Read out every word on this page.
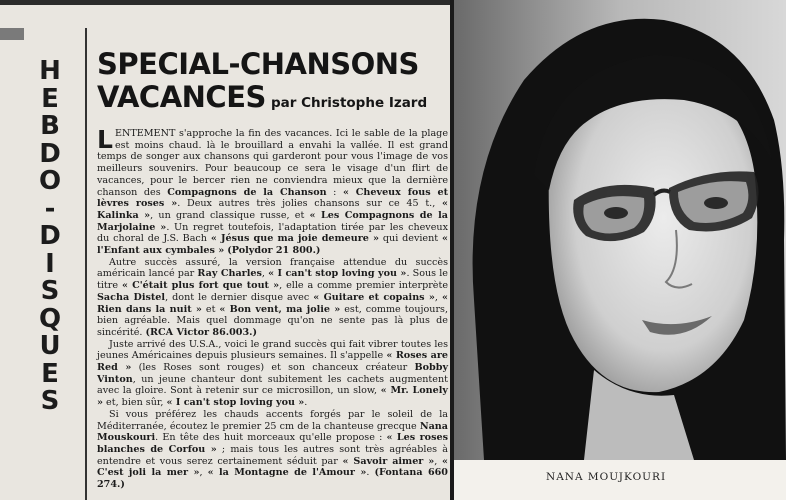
H
E
B
D
O
-
D
I
S
Q
U
E
S
SPECIAL-CHANSONS
VACANCES par Christophe Izard

LENTEMENT s'approche la fin des vacances. Ici le sable de la plage est moins chaud. là le brouillard a envahi la vallée. Il est grand temps de songer aux chansons qui garderont pour vous l'image de vos meilleurs souvenirs. Pour beaucoup ce sera le visage d'un flirt de vacances, pour le bercer rien ne conviendra mieux que la dernière chanson des Compagnons de la Chanson : « Cheveux fous et lèvres roses ». Deux autres très jolies chansons sur ce 45 t., « Kalinka », un grand classique russe, et « Les Compagnons de la Marjolaine ». Un regret toutefois, l'adaptation tirée par les cheveux du choral de J.S. Bach « Jésus que ma joie demeure » qui devient « l'Enfant aux cymbales » (Polydor 21 800.)

Autre succès assuré, la version française attendue du succès américain lancé par Ray Charles, « I can't stop loving you ». Sous le titre « C'était plus fort que tout », elle a comme premier interprète Sacha Distel, dont le dernier disque avec « Guitare et copains », « Rien dans la nuit » et « Bon vent, ma jolie » est, comme toujours, bien agréable. Mais quel dommage qu'on ne sente pas là plus de sincérité. (RCA Victor 86.003.)

Juste arrivé des U.S.A., voici le grand succès qui fait vibrer toutes les jeunes Américaines depuis plusieurs semaines. Il s'appelle « Roses are Red » (les Roses sont rouges) et son chanceux créateur Bobby Vinton, un jeune chanteur dont subitement les cachets augmentent avec la gloire. Sont à retenir sur ce microsillon, un slow, « Mr. Lonely » et, bien sûr, « I can't stop loving you ».

Si vous préférez les chauds accents forgés par le soleil de la Méditerranée, écoutez le premier 25 cm de la chanteuse grecque Nana Mouskouri. En tête des huit morceaux qu'elle propose : « Les roses blanches de Corfou » ; mais tous les autres sont très agréables à entendre et vous serez certainement séduit par « Savoir aimer », « C'est joli la mer », « la Montagne de l'Amour ». (Fontana 660 274.)

NANA MOUJKOURI
